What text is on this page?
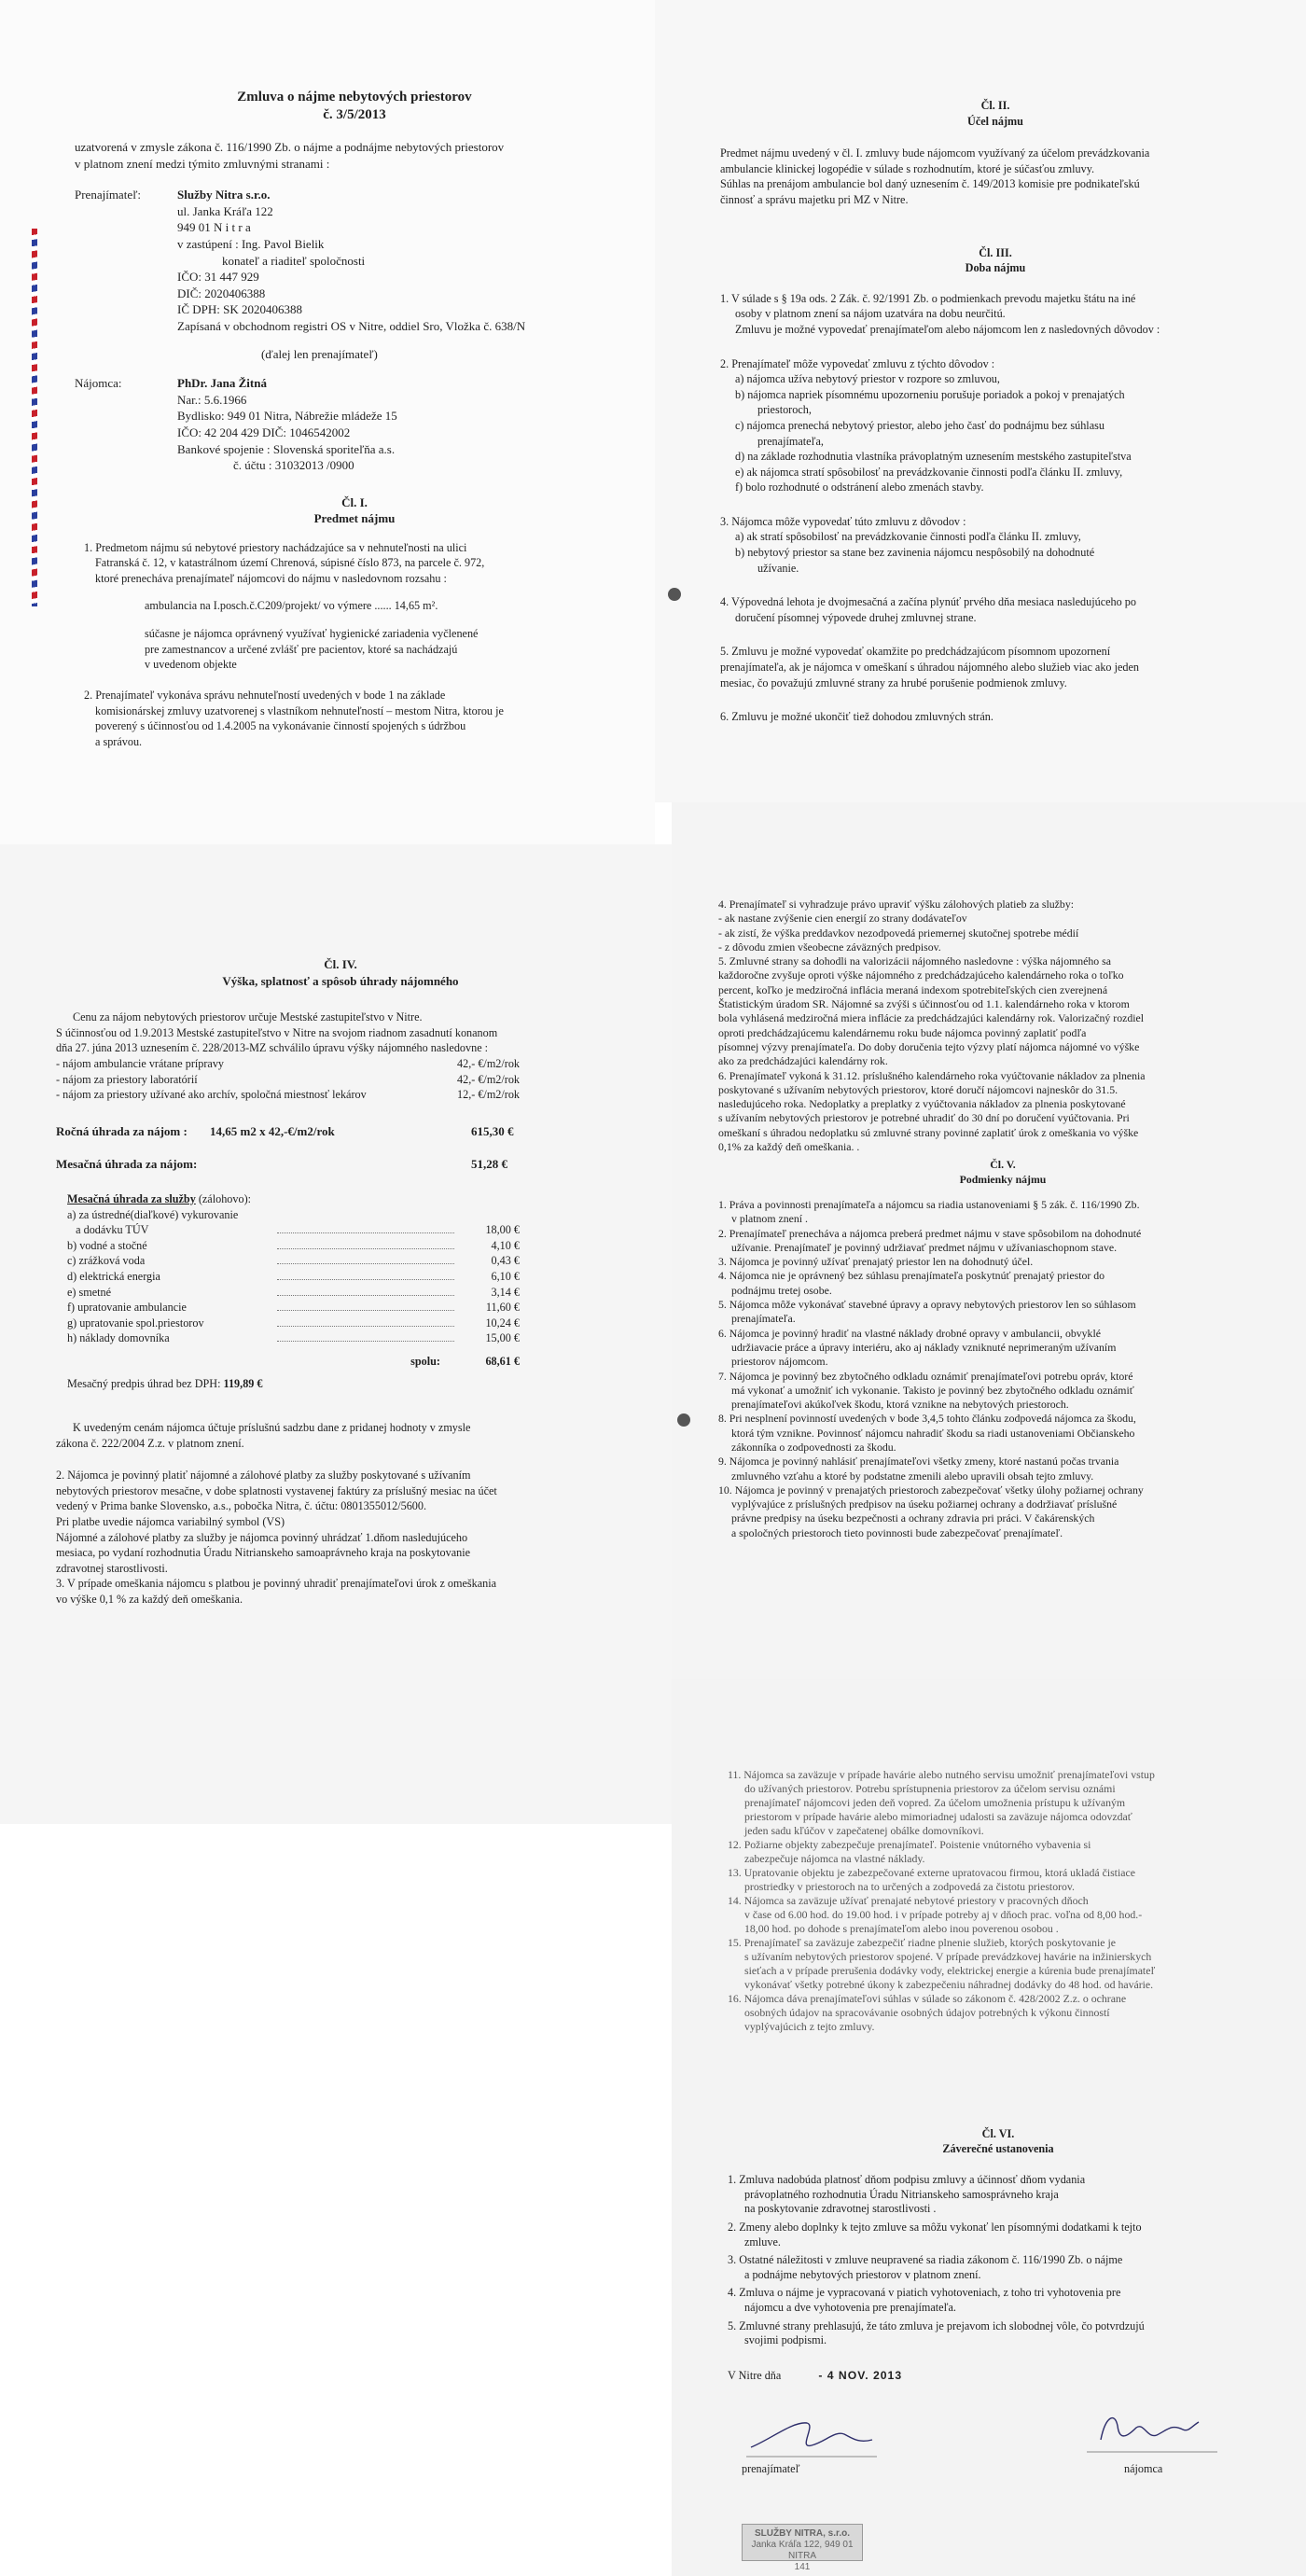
Zmluva o nájme nebytových priestorov
č. 3/5/2013
uzatvorená v zmysle zákona č. 116/1990 Zb. o nájme a podnájme nebytových priestorov
v platnom znení medzi týmito zmluvnými stranami :
Prenajímateľ:	Služby Nitra s.r.o.
ul. Janka Kráľa 122
949 01 N i t r a
v zastúpení : Ing. Pavol Bielik
konateľ a riaditeľ spoločnosti
IČO: 31 447 929
DIČ: 2020406388
IČ DPH: SK 2020406388
Zapísaná v obchodnom registri OS v Nitre, oddiel Sro, Vložka č. 638/N
(ďalej len prenajímateľ)
Nájomca:	PhDr. Jana Žitná
Nar.: 5.6.1966
Bydlisko: 949 01 Nitra, Nábrežie mládeže 15
IČO: 42 204 429 DIČ: 1046542002
Bankové spojenie : Slovenská sporiteľňa a.s.
č. účtu : 31032013 /0900
Čl. I.
Predmet nájmu
1. Predmetom nájmu sú nebytové priestory nachádzajúce sa v nehnuteľnosti na ulici
Fatranská č. 12, v katastrálnom území Chrenová, súpisné číslo 873, na parcele č. 972,
ktoré prenecháva prenajímateľ nájomcovi do nájmu v nasledovnom rozsahu :
ambulancia na I.posch.č.C209/projekt/ vo výmere ...... 14,65 m².
súčasne je nájomca oprávnený využívať hygienické zariadenia vyčlenené
pre zamestnancov a určené zvlášť pre pacientov, ktoré sa nachádzajú
v uvedenom objekte
2. Prenajímateľ vykonáva správu nehnuteľností uvedených v bode 1 na základe
komisionárskej zmluvy uzatvorenej s vlastníkom nehnuteľností – mestom Nitra, ktorou je
poverený s účinnosťou od 1.4.2005 na vykonávanie činností spojených s údržbou
a správou.
Čl. II.
Účel nájmu
Predmet nájmu uvedený v čl. I. zmluvy bude nájomcom využívaný za účelom prevádzkovania
ambulancie klinickej logopédie v súlade s rozhodnutím, ktoré je súčasťou zmluvy.
Súhlas na prenájom ambulancie bol daný uznesením č. 149/2013 komisie pre podnikateľskú
činnosť a správu majetku pri MZ v Nitre.
Čl. III.
Doba nájmu
1. V súlade s § 19a ods. 2 Zák. č. 92/1991 Zb. o podmienkach prevodu majetku štátu na iné
osoby v platnom znení sa nájom uzatvára na dobu neurčitú.
Zmluvu je možné vypovedať prenajímateľom alebo nájomcom len z nasledovných dôvodov :
2. Prenajímateľ môže vypovedať zmluvu z týchto dôvodov :
a) nájomca užíva nebytový priestor v rozpore so zmluvou,
b) nájomca napriek písomnému upozorneniu porušuje poriadok a pokoj v prenajatých
priestoroch,
c) nájomca prenechá nebytový priestor, alebo jeho časť do podnájmu bez súhlasu
prenajímateľa,
d) na základe rozhodnutia vlastníka právoplatným uznesením mestského zastupiteľstva
e) ak nájomca stratí spôsobilosť na prevádzkovanie činnosti podľa článku II. zmluvy,
f) bolo rozhodnuté o odstránení alebo zmenách stavby.
3. Nájomca môže vypovedať túto zmluvu z dôvodov :
a) ak stratí spôsobilosť na prevádzkovanie činnosti podľa článku II. zmluvy,
b) nebytový priestor sa stane bez zavinenia nájomcu nespôsobilý na dohodnuté
užívanie.
4. Výpovedná lehota je dvojmesačná a začína plynúť prvého dňa mesiaca nasledujúceho po
doručení písomnej výpovede druhej zmluvnej strane.
5. Zmluvu je možné vypovedať okamžite po predchádzajúcom písomnom upozornení
prenajímateľa, ak je nájomca v omeškaní s úhradou nájomného alebo služieb viac ako jeden
mesiac, čo považujú zmluvné strany za hrubé porušenie podmienok zmluvy.
6. Zmluvu je možné ukončiť tiež dohodou zmluvných strán.
Čl. IV.
Výška, splatnosť a spôsob úhrady nájomného
Cenu za nájom nebytových priestorov určuje Mestské zastupiteľstvo v Nitre.
S účinnosťou od 1.9.2013 Mestské zastupiteľstvo v Nitre na svojom riadnom zasadnutí konanom
dňa 27. júna 2013 uznesením č. 228/2013-MZ schválilo úpravu výšky nájomného nasledovne :
- nájom ambulancie vrátane prípravy	42,- €/m2/rok
- nájom za priestory laboratórií	42,- €/m2/rok
- nájom za priestory užívané ako archív, spoločná miestnosť lekárov	12,- €/m2/rok
Ročná úhrada za nájom :	14,65 m2 x 42,-€/m2/rok	615,30 €
Mesačná úhrada za nájom:	51,28 €
Mesačná úhrada za služby (zálohovo):
a) za ústredné(diaľkové) vykurovanie
a dodávku TÚV	18,00 €
b) vodné a stočné	4,10 €
c) zrážková voda	0,43 €
d) elektrická energia	6,10 €
e) smetné	3,14 €
f) upratovanie ambulancie	11,60 €
g) upratovanie spol.priestorov	10,24 €
h) náklady domovníka	15,00 €
spolu:	68,61 €
Mesačný predpis úhrad bez DPH: 119,89 €
K uvedeným cenám nájomca účtuje príslušnú sadzbu dane z pridanej hodnoty v zmysle
zákona č. 222/2004 Z.z. v platnom znení.
2. Nájomca je povinný platiť nájomné a zálohové platby za služby poskytované s užívaním
nebytových priestorov mesačne, v dobe splatnosti vystavenej faktúry za príslušný mesiac na účet
vedený v Prima banke Slovensko, a.s., pobočka Nitra, č. účtu: 0801355012/5600.
Pri platbe uvedie nájomca variabilný symbol (VS)
Nájomné a zálohové platby za služby je nájomca povinný uhrádzať 1.dňom nasledujúceho
mesiaca, po vydaní rozhodnutia Úradu Nitrianskeho samoaprávneho kraja na poskytovanie
zdravotnej starostlivosti.
3. V prípade omeškania nájomcu s platbou je povinný uhradiť prenajímateľovi úrok z omeškania
vo výške 0,1 % za každý deň omeškania.
4. Prenajímateľ si vyhradzuje právo upraviť výšku zálohových platieb za služby:
- ak nastane zvýšenie cien energií zo strany dodávateľov
- ak zistí, že výška preddavkov nezodpovedá priemernej skutočnej spotrebe médií
- z dôvodu zmien všeobecne záväzných predpisov.
5. Zmluvné strany sa dohodli na valorizácii nájomného nasledovne : výška nájomného sa
každoročne zvyšuje oproti výške nájomného z predchádzajúceho kalendárneho roka o toľko
percent, koľko je medziročná inflácia meraná indexom spotrebiteľských cien zverejnená
Štatistickým úradom SR. Nájomné sa zvýši s účinnosťou od 1.1. kalendárneho roka v ktorom
bola vyhlásená medziročná miera inflácie za predchádzajúci kalendárny rok. Valorizačný rozdiel
oproti predchádzajúcemu kalendárnemu roku bude nájomca povinný zaplatiť podľa
písomnej výzvy prenajímateľa. Do doby doručenia tejto výzvy platí nájomca nájomné vo výške
ako za predchádzajúci kalendárny rok.
6. Prenajímateľ vykoná k 31.12. príslušného kalendárneho roka vyúčtovanie nákladov za plnenia
poskytované s užívaním nebytových priestorov, ktoré doručí nájomcovi najneskôr do 31.5.
nasledujúceho roka. Nedoplatky a preplatky z vyúčtovania nákladov za plnenia poskytované
s užívaním nebytových priestorov je potrebné uhradiť do 30 dní po doručení vyúčtovania. Pri
omeškaní s úhradou nedoplatku sú zmluvné strany povinné zaplatiť úrok z omeškania vo výške
0,1% za každý deň omeškania. .
Čl. V.
Podmienky nájmu
1. Práva a povinnosti prenajímateľa a nájomcu sa riadia ustanoveniami § 5 zák. č. 116/1990 Zb.
v platnom znení .
2. Prenajímateľ prenecháva a nájomca preberá predmet nájmu v stave spôsobilom na dohodnuté
užívanie. Prenajímateľ je povinný udržiavať predmet nájmu v užívaniaschopnom stave.
3. Nájomca je povinný užívať prenajatý priestor len na dohodnutý účel.
4. Nájomca nie je oprávnený bez súhlasu prenajímateľa poskytnúť prenajatý priestor do
podnájmu tretej osobe.
5. Nájomca môže vykonávať stavebné úpravy a opravy nebytových priestorov len so súhlasom
prenajímateľa.
6. Nájomca je povinný hradiť na vlastné náklady drobné opravy v ambulancii, obvyklé
udržiavacie práce a úpravy interiéru, ako aj náklady vzniknuté neprimeraným užívaním
priestorov nájomcom.
7. Nájomca je povinný bez zbytočného odkladu oznámiť prenajímateľovi potrebu opráv, ktoré
má vykonať a umožniť ich vykonanie. Takisto je povinný bez zbytočného odkladu oznámiť
prenajímateľovi akúkoľvek škodu, ktorá vznikne na nebytových priestoroch.
8. Pri nesplnení povinností uvedených v bode 3,4,5 tohto článku zodpovedá nájomca za škodu,
ktorá tým vznikne. Povinnosť nájomcu nahradiť škodu sa riadi ustanoveniami Občianskeho
zákonníka o zodpovednosti za škodu.
9. Nájomca je povinný nahlásiť prenajímateľovi všetky zmeny, ktoré nastanú počas trvania
zmluvného vzťahu a ktoré by podstatne zmenili alebo upravili obsah tejto zmluvy.
10. Nájomca je povinný v prenajatých priestoroch zabezpečovať všetky úlohy požiarnej ochrany
vyplývajúce z príslušných predpisov na úseku požiarnej ochrany a dodržiavať príslušné
právne predpisy na úseku bezpečnosti a ochrany zdravia pri práci. V čakárenských
a spoločných priestoroch tieto povinnosti bude zabezpečovať prenajímateľ.
11. Nájomca sa zaväzuje v prípade havárie alebo nutného servisu umožniť prenajímateľovi vstup
do užívaných priestorov. Potrebu sprístupnenia priestorov za účelom servisu oznámi
prenajímateľ nájomcovi jeden deň vopred. Za účelom umožnenia prístupu k užívaným
priestorom v prípade havárie alebo mimoriadnej udalosti sa zaväzuje nájomca odovzdať
jeden sadu kľúčov v zapečatenej obálke domovníkovi.
12. Požiarne objekty zabezpečuje prenajímateľ. Poistenie vnútorného vybavenia si
zabezpečuje nájomca na vlastné náklady.
13. Upratovanie objektu je zabezpečované externe upratovacou firmou, ktorá ukladá čistiace
prostriedky v priestoroch na to určených a zodpovedá za čistotu priestorov.
14. Nájomca sa zaväzuje užívať prenajaté nebytové priestory v pracovných dňoch
v čase od 6.00 hod. do 19.00 hod. i v prípade potreby aj v dňoch prac. voľna od 8,00 hod.-
18,00 hod. po dohode s prenajímateľom alebo inou poverenou osobou .
15. Prenajímateľ sa zaväzuje zabezpečiť riadne plnenie služieb, ktorých poskytovanie je
s užívaním nebytových priestorov spojené. V prípade prevádzkovej havárie na inžinierskych
sieťach a v prípade prerušenia dodávky vody, elektrickej energie a kúrenia bude prenajímateľ
vykonávať všetky potrebné úkony k zabezpečeniu náhradnej dodávky do 48 hod. od havárie.
16. Nájomca dáva prenajímateľovi súhlas v súlade so zákonom č. 428/2002 Z.z. o ochrane
osobných údajov na spracovávanie osobných údajov potrebných k výkonu činností
vyplývajúcich z tejto zmluvy.
Čl. VI.
Záverečné ustanovenia
1. Zmluva nadobúda platnosť dňom podpisu zmluvy a účinnosť dňom vydania
právoplatného rozhodnutia Úradu Nitrianskeho samosprávneho kraja
na poskytovanie zdravotnej starostlivosti .
2. Zmeny alebo doplnky k tejto zmluve sa môžu vykonať len písomnými dodatkami k tejto
zmluve.
3. Ostatné náležitosti v zmluve neupravené sa riadia zákonom č. 116/1990 Zb. o nájme
a podnájme nebytových priestorov v platnom znení.
4. Zmluva o nájme je vypracovaná v piatich vyhotoveniach, z toho tri vyhotovenia pre
nájomcu a dve vyhotovenia pre prenajímateľa.
5. Zmluvné strany prehlasujú, že táto zmluva je prejavom ich slobodnej vôle, čo potvrdzujú
svojimi podpismi.
V Nitre dňa	- 4 NOV. 2013
prenajímateľ	nájomca
SLUŽBY NITRA, s.r.o.
Janka Kráľa 122, 949 01 NITRA
141
